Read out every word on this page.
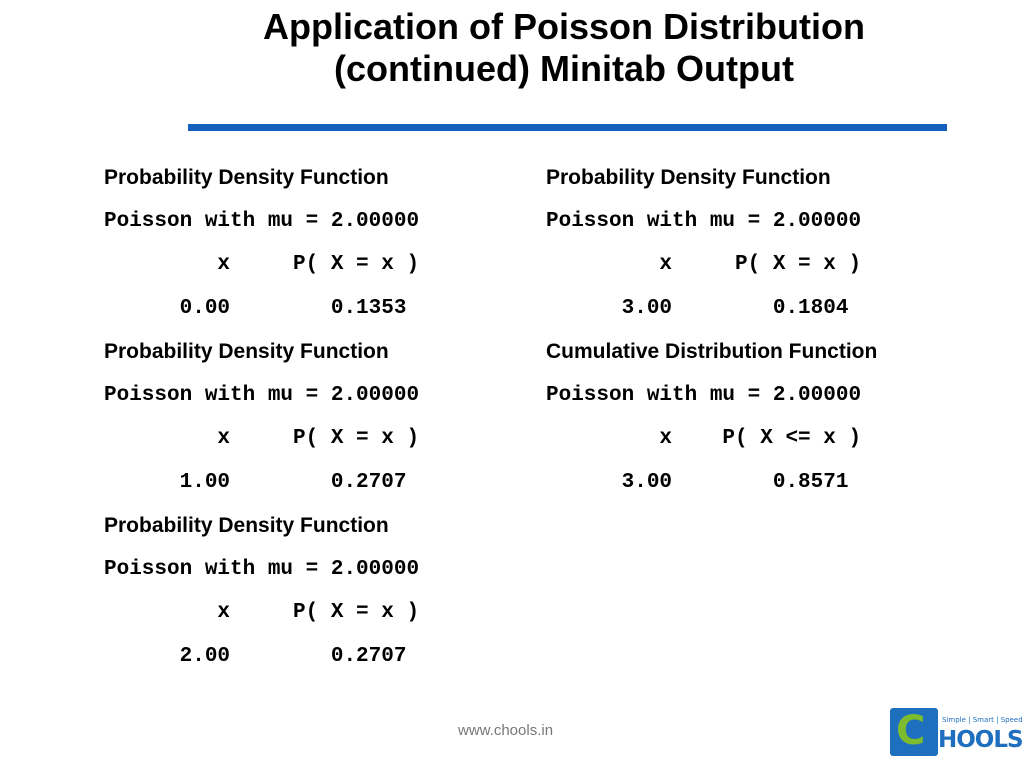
Application of Poisson Distribution
(continued) Minitab Output
Probability Density Function
Poisson with mu = 2.00000
x     P( X = x )
0.00        0.1353
Probability Density Function
Poisson with mu = 2.00000
x     P( X = x )
1.00        0.2707
Probability Density Function
Poisson with mu = 2.00000
x     P( X = x )
2.00        0.2707
Probability Density Function
Poisson with mu = 2.00000
x     P( X = x )
3.00        0.1804
Cumulative Distribution Function
Poisson with mu = 2.00000
x    P( X <= x )
3.00        0.8571
www.chools.in	C Simple | Smart | Speed
HOOLS
